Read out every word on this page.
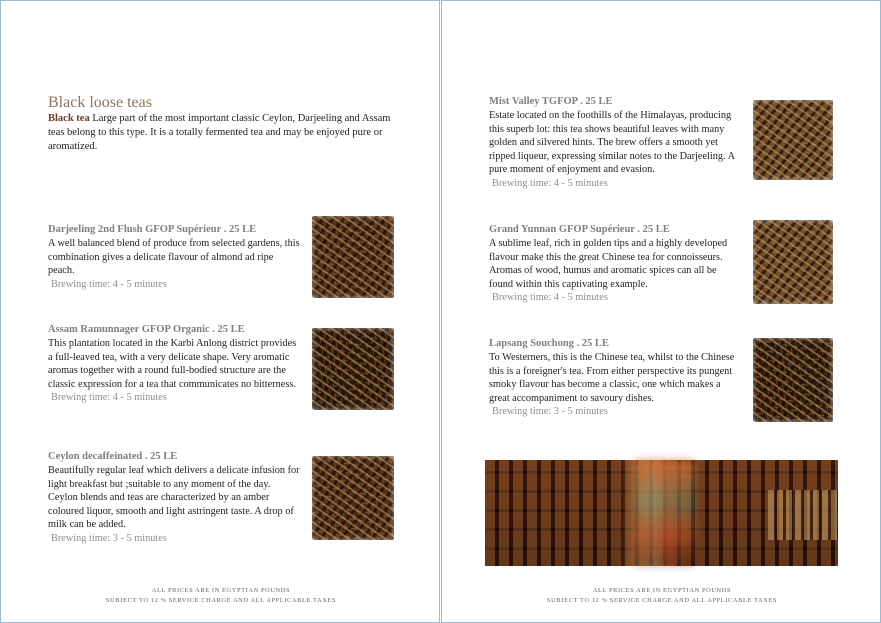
Black loose teas

Black tea Large part of the most important classic Ceylon, Darjeeling and Assam teas belong to this type. It is a totally fermented tea and may be enjoyed pure or aromatized.

Darjeeling 2nd Flush GFOP Supérieur . 25 LE
A well balanced blend of produce from selected gardens, this combination gives a delicate flavour of almond ad ripe peach.
Brewing time: 4 - 5 minutes
Assam Ramunnager GFOP Organic . 25 LE
This plantation located in the Karbi Anlong district provides a full-leaved tea, with a very delicate shape. Very aromatic aromas together with a round full-bodied structure are the classic expression for a tea that communicates no bitterness.
Brewing time: 4 - 5 minutes
Ceylon decaffeinated . 25 LE
Beautifully regular leaf which delivers a delicate infusion for light breakfast but ;suitable to any moment of the day. Ceylon blends and teas are characterized by an amber coloured liquor, smooth and light astringent taste. A drop of milk can be added.
Brewing time: 3 - 5 minutes
ALL PRICES ARE IN EGYPTIAN POUNDS
SUBJECT TO 12 % SERVICE CHARGE AND ALL APPLICABLE TAXES
Mist Valley TGFOP . 25 LE
Estate located on the foothills of the Himalayas, producing this superb lot: this tea shows beautiful leaves with many golden and silvered hints. The brew offers a smooth yet ripped liqueur, expressing similar notes to the Darjeeling. A pure moment of enjoyment and evasion.
Brewing time: 4 - 5 minutes
Grand Yunnan GFOP Supérieur . 25 LE
A sublime leaf, rich in golden tips and a highly developed flavour make this the great Chinese tea for connoisseurs. Aromas of wood, humus and aromatic spices can all be found within this captivating example.
Brewing time: 4 - 5 minutes
Lapsang Souchong . 25 LE
To Westerners, this is the Chinese tea, whilst to the Chinese this is a foreigner's tea. From either perspective its pungent smoky flavour has become a classic, one which makes a great accompaniment to savoury dishes.
Brewing time: 3 - 5 minutes
ALL PRICES ARE IN EGYPTIAN POUNDS
SUBJECT TO 12 % SERVICE CHARGE AND ALL APPLICABLE TAXES
